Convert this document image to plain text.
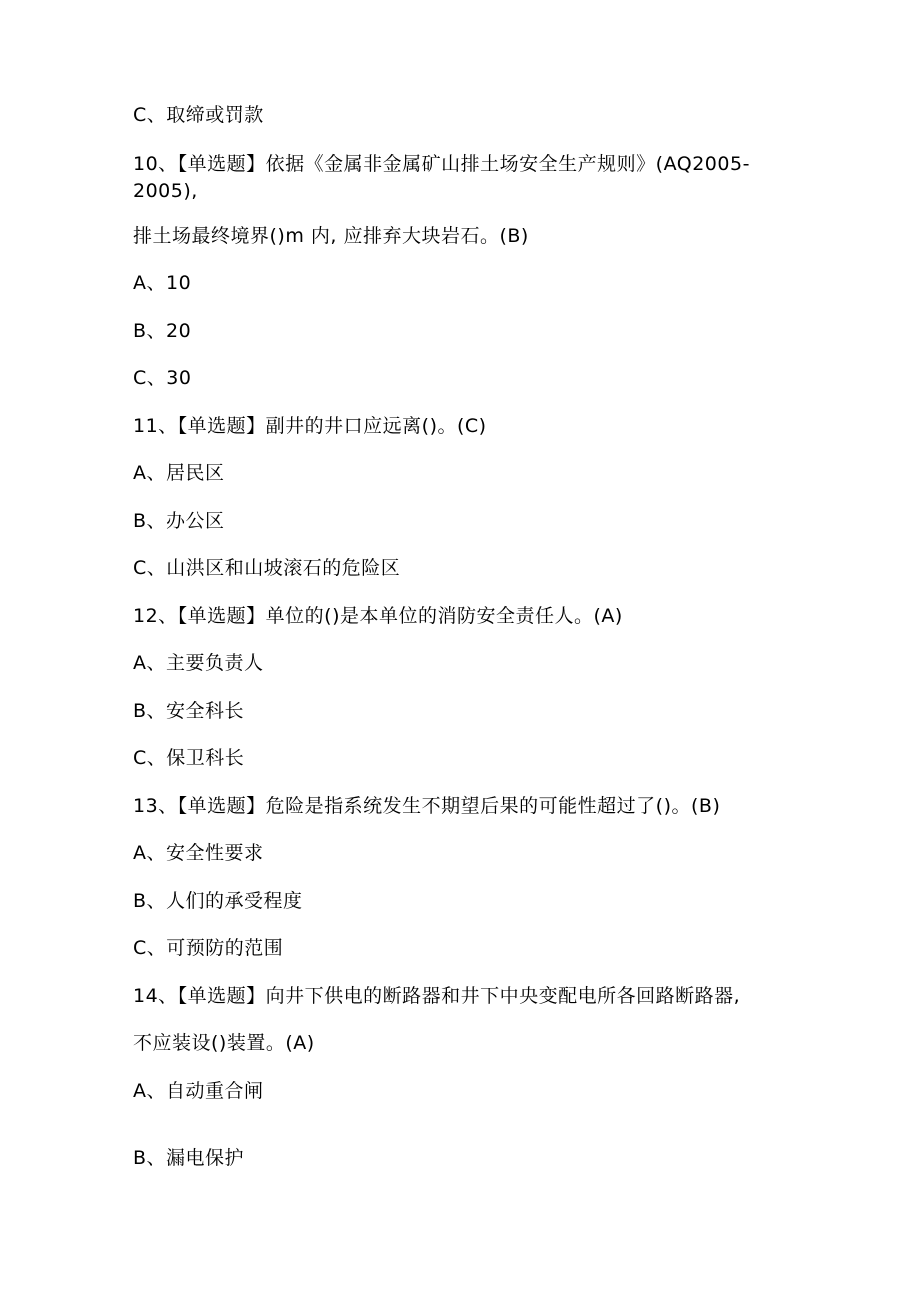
C、取缔或罚款
10、【单选题】依据《金属非金属矿山排土场安全生产规则》(AQ2005-
2005),
排土场最终境界()m 内, 应排弃大块岩石。(B)
A、10
B、20
C、30
11、【单选题】副井的井口应远离()。(C)
A、居民区
B、办公区
C、山洪区和山坡滚石的危险区
12、【单选题】单位的()是本单位的消防安全责任人。(A)
A、主要负责人
B、安全科长
C、保卫科长
13、【单选题】危险是指系统发生不期望后果的可能性超过了()。(B)
A、安全性要求
B、人们的承受程度
C、可预防的范围
14、【单选题】向井下供电的断路器和井下中央变配电所各回路断路器,
不应装设()装置。(A)
A、自动重合闸
B、漏电保护
